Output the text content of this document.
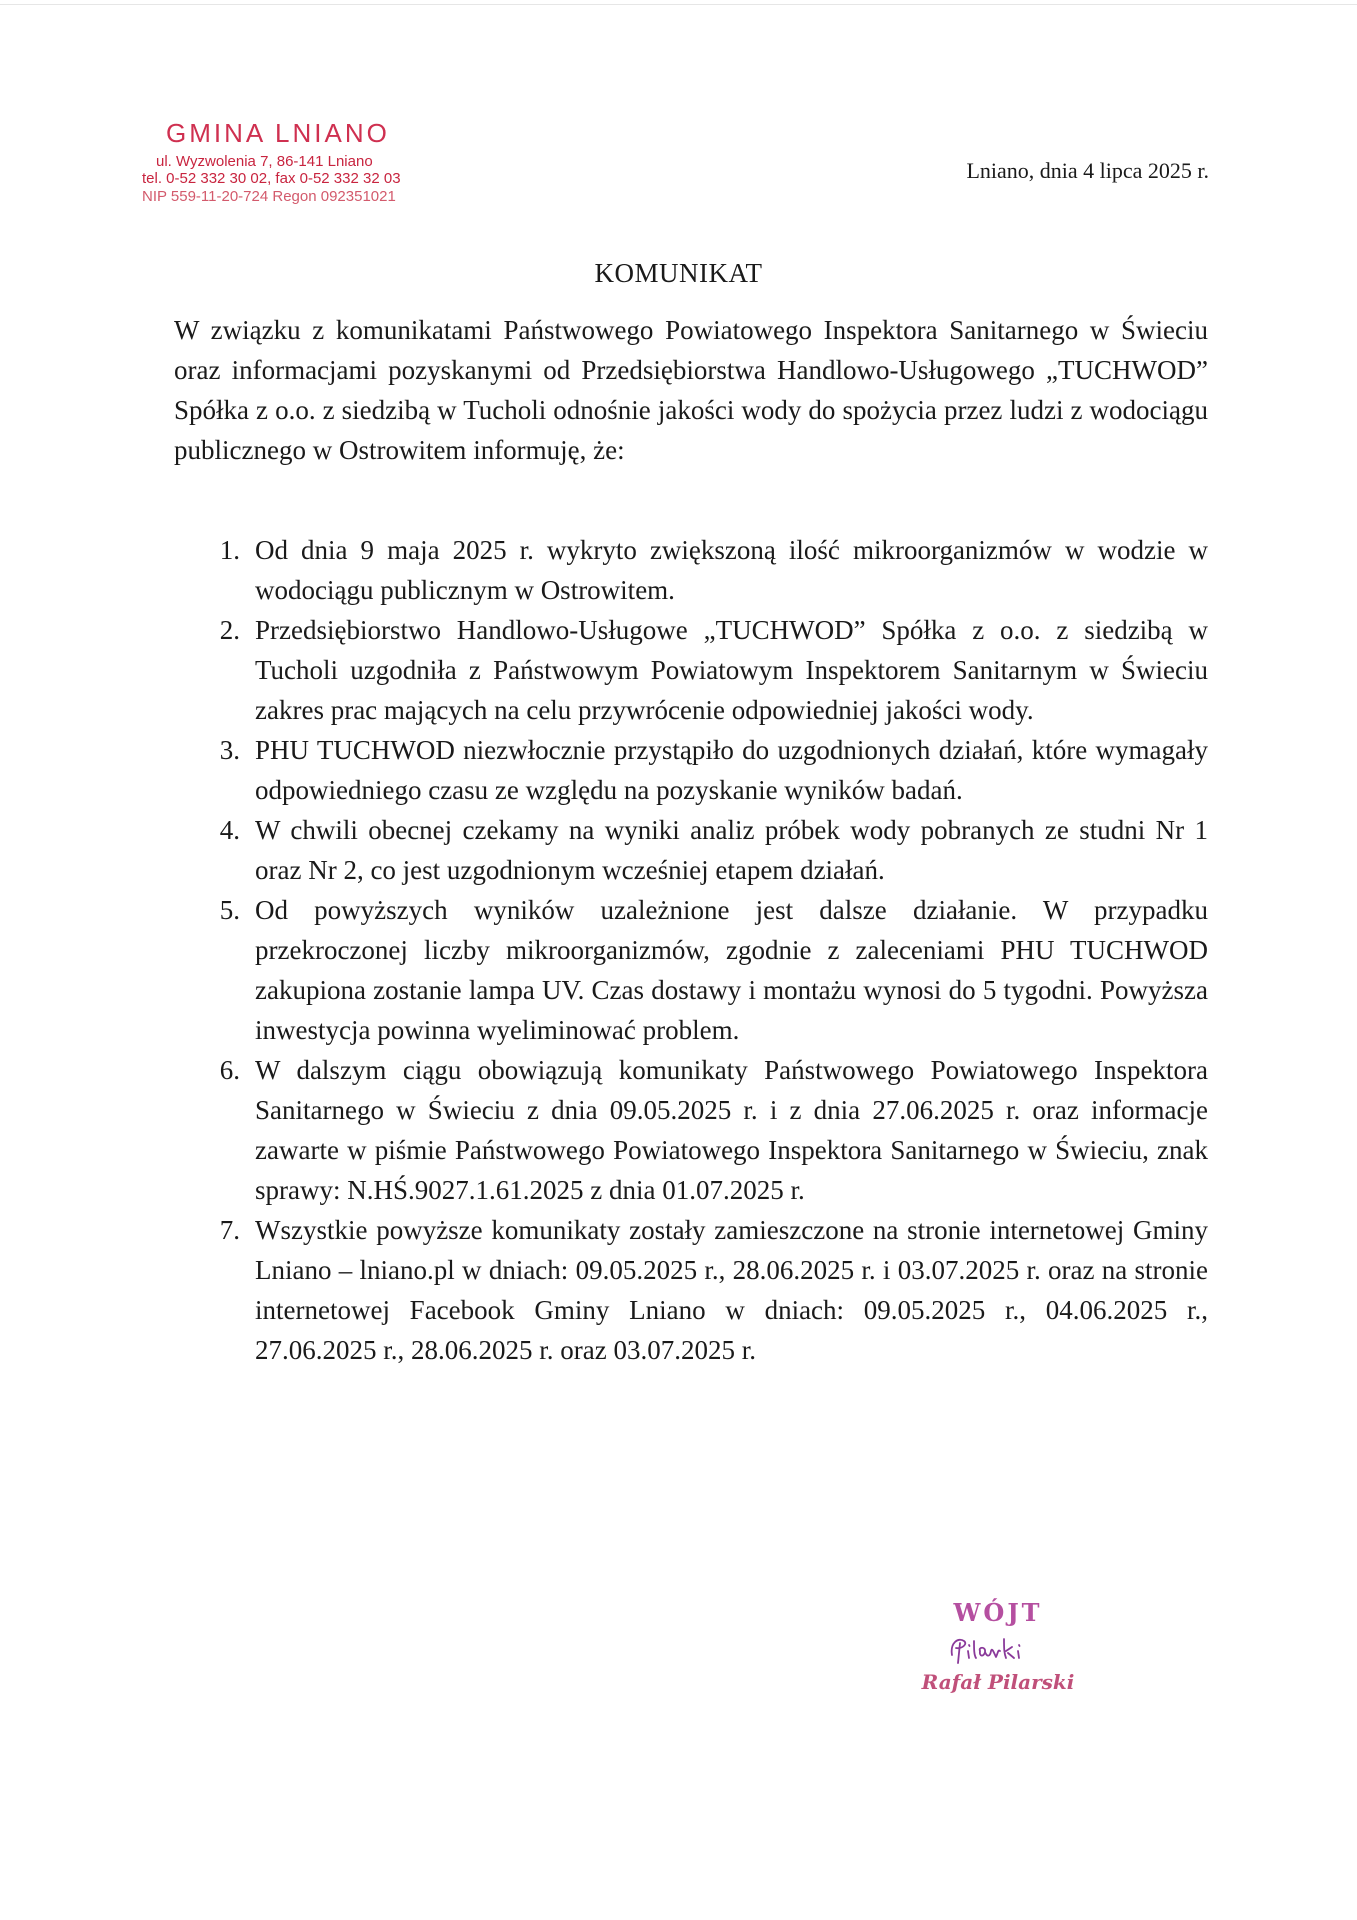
GMINA LNIANO
ul. Wyzwolenia 7, 86-141 Lniano
tel. 0-52 332 30 02, fax 0-52 332 32 03
NIP 559-11-20-724 Regon 092351021
Lniano, dnia 4 lipca 2025 r.
KOMUNIKAT
W związku z komunikatami Państwowego Powiatowego Inspektora Sanitarnego w Świeciu oraz informacjami pozyskanymi od Przedsiębiorstwa Handlowo-Usługowego „TUCHWOD” Spółka z o.o. z siedzibą w Tucholi odnośnie jakości wody do spożycia przez ludzi z wodociągu publicznego w Ostrowitem informuję, że:
1. Od dnia 9 maja 2025 r. wykryto zwiększoną ilość mikroorganizmów w wodzie w wodociągu publicznym w Ostrowitem.
2. Przedsiębiorstwo Handlowo-Usługowe „TUCHWOD” Spółka z o.o. z siedzibą w Tucholi uzgodniła z Państwowym Powiatowym Inspektorem Sanitarnym w Świeciu zakres prac mających na celu przywrócenie odpowiedniej jakości wody.
3. PHU TUCHWOD niezwłocznie przystąpiło do uzgodnionych działań, które wymagały odpowiedniego czasu ze względu na pozyskanie wyników badań.
4. W chwili obecnej czekamy na wyniki analiz próbek wody pobranych ze studni Nr 1 oraz Nr 2, co jest uzgodnionym wcześniej etapem działań.
5. Od powyższych wyników uzależnione jest dalsze działanie. W przypadku przekroczonej liczby mikroorganizmów, zgodnie z zaleceniami PHU TUCHWOD zakupiona zostanie lampa UV. Czas dostawy i montażu wynosi do 5 tygodni. Powyższa inwestycja powinna wyeliminować problem.
6. W dalszym ciągu obowiązują komunikaty Państwowego Powiatowego Inspektora Sanitarnego w Świeciu z dnia 09.05.2025 r. i z dnia 27.06.2025 r. oraz informacje zawarte w piśmie Państwowego Powiatowego Inspektora Sanitarnego w Świeciu, znak sprawy: N.HŚ.9027.1.61.2025 z dnia 01.07.2025 r.
7. Wszystkie powyższe komunikaty zostały zamieszczone na stronie internetowej Gminy Lniano – lniano.pl w dniach: 09.05.2025 r., 28.06.2025 r. i 03.07.2025 r. oraz na stronie internetowej Facebook Gminy Lniano w dniach: 09.05.2025 r., 04.06.2025 r., 27.06.2025 r., 28.06.2025 r. oraz 03.07.2025 r.
WÓJT
Rafał Pilarski
